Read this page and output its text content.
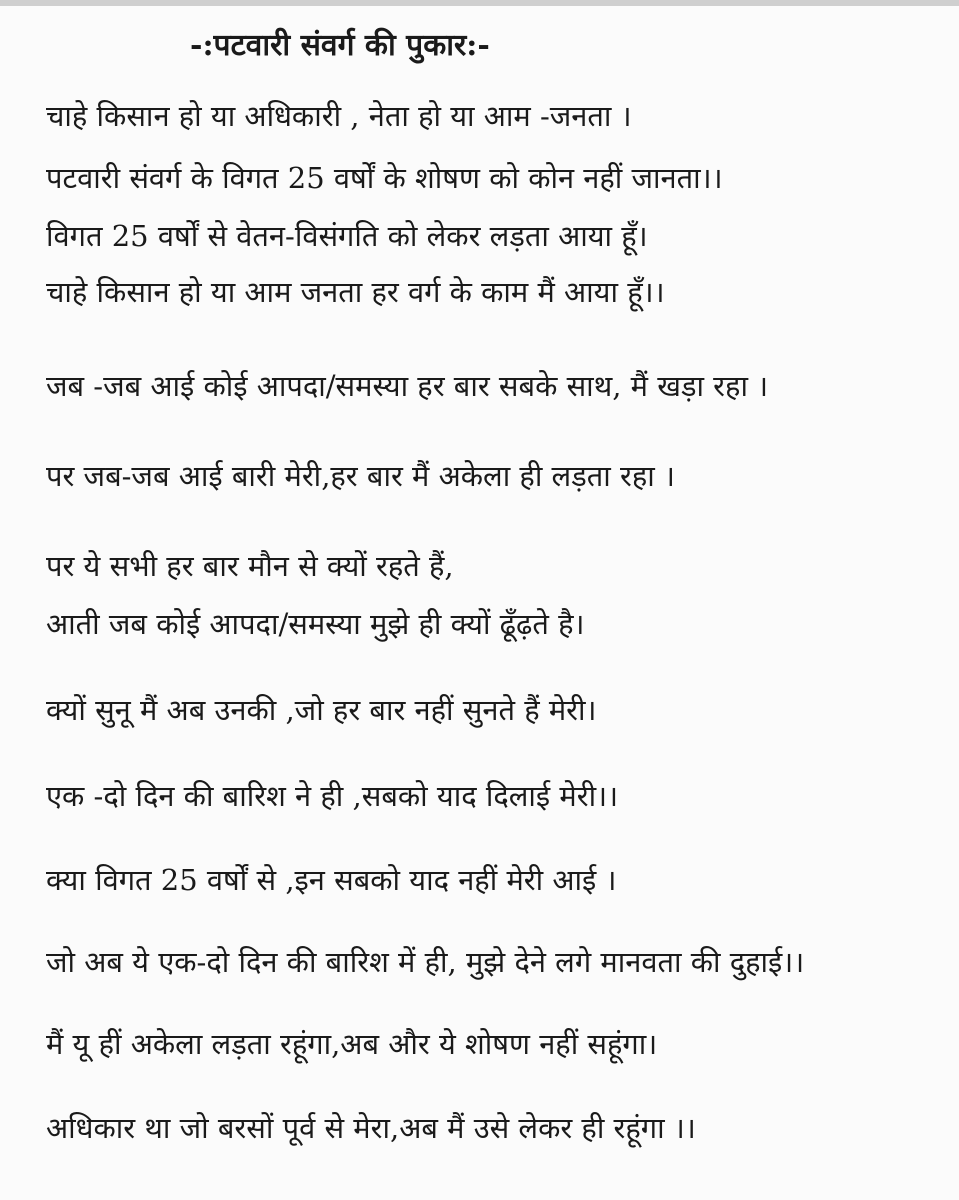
-:पटवारी संवर्ग की पुकार:-
चाहे किसान हो या अधिकारी , नेता हो या आम -जनता ।
पटवारी संवर्ग के विगत 25 वर्षों के शोषण को कोन नहीं जानता।।
विगत 25 वर्षों से वेतन-विसंगति को लेकर लड़ता आया हूँ।
चाहे किसान हो या आम जनता हर वर्ग के काम मैं आया हूँ।।
जब -जब आई कोई आपदा/समस्या हर बार सबके साथ, मैं खड़ा रहा ।
पर जब-जब आई बारी मेरी,हर बार मैं अकेला ही लड़ता रहा ।
पर ये सभी हर बार मौन से क्यों रहते हैं,
आती जब कोई आपदा/समस्या मुझे ही क्यों ढूँढ़ते है।
क्यों सुनू मैं अब उनकी ,जो हर बार नहीं सुनते हैं मेरी।
एक -दो दिन की बारिश ने ही ,सबको याद दिलाई मेरी।।
क्या विगत 25 वर्षों से ,इन सबको याद नहीं मेरी आई ।
जो अब ये एक-दो दिन की बारिश में ही, मुझे देने लगे मानवता की दुहाई।।
मैं यू हीं अकेला लड़ता रहूंगा,अब और ये शोषण नहीं सहूंगा।
अधिकार था जो बरसों पूर्व से मेरा,अब मैं उसे लेकर ही रहूंगा ।।
